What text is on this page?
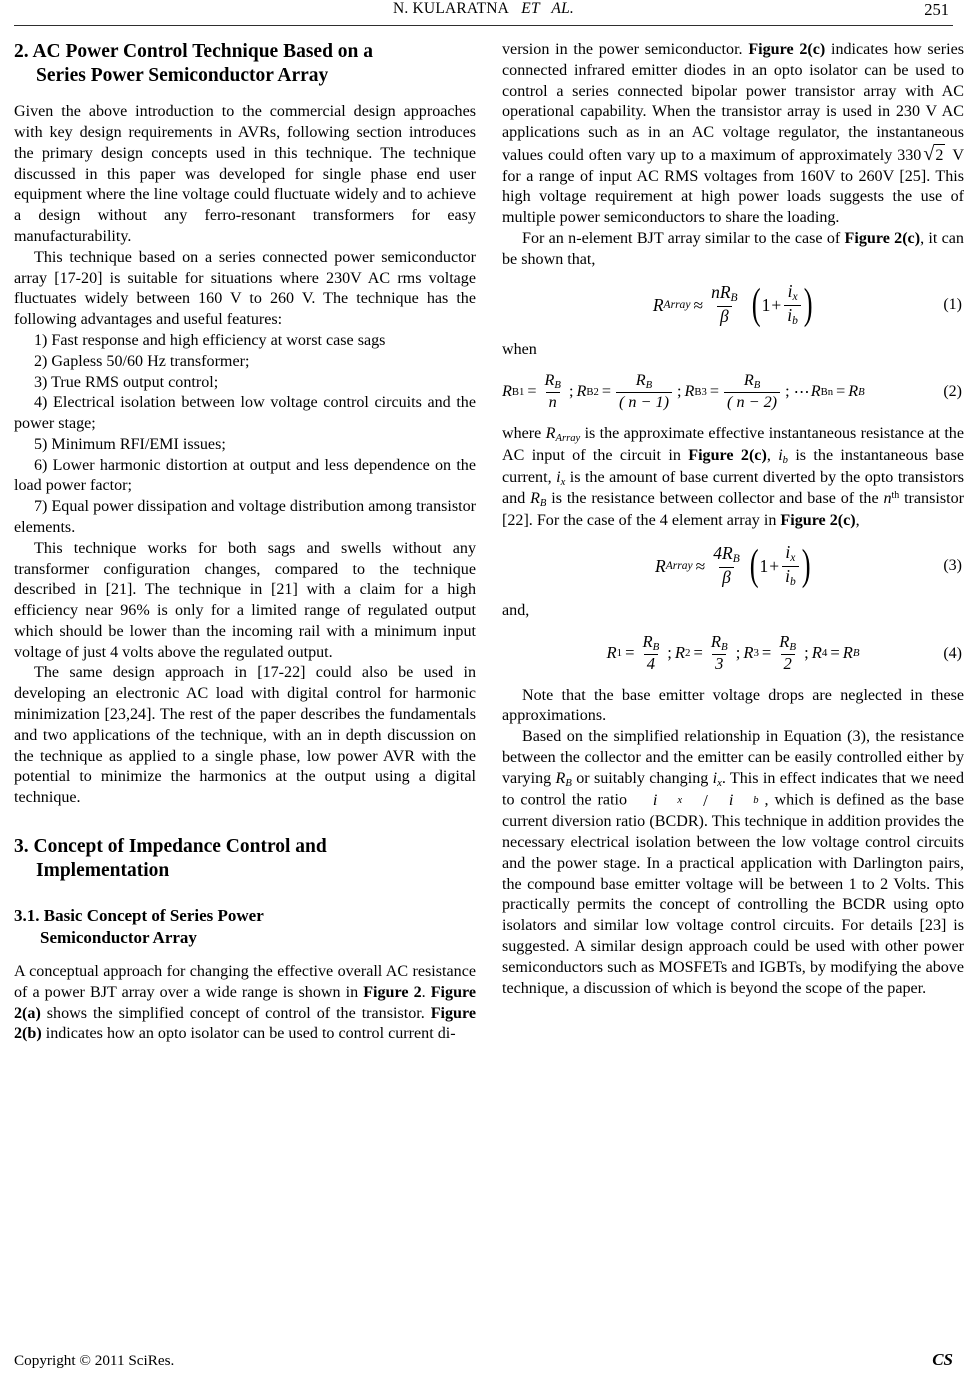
N. KULARATNA ET   AL.	251
2. AC Power Control Technique Based on a
Series Power Semiconductor Array

Given the above introduction to the commercial design approaches with key design requirements in AVRs, following section introduces the primary design concepts used in this technique. The technique discussed in this paper was developed for single phase end user equipment where the line voltage could fluctuate widely and to achieve a design without any ferro-resonant transformers for easy manufacturability.

This technique based on a series connected power semiconductor array [17-20] is suitable for situations where 230V AC rms voltage fluctuates widely between 160 V to 260 V. The technique has the following advantages and useful features:

1) Fast response and high efficiency at worst case sags

2) Gapless 50/60 Hz transformer;

3) True RMS output control;

4) Electrical isolation between low voltage control circuits and the power stage;

5) Minimum RFI/EMI issues;

6) Lower harmonic distortion at output and less dependence on the load power factor;

7) Equal power dissipation and voltage distribution among transistor elements.

This technique works for both sags and swells without any transformer configuration changes, compared to the technique described in [21]. The technique in [21] with a claim for a high efficiency near 96% is only for a limited range of regulated output which should be lower than the incoming rail with a minimum input voltage of just 4 volts above the regulated output.

The same design approach in [17-22] could also be used in developing an electronic AC load with digital control for harmonic minimization [23,24]. The rest of the paper describes the fundamentals and two applications of the technique, with an in depth discussion on the technique as applied to a single phase, low power AVR with the potential to minimize the harmonics at the output using a digital technique.

3. Concept of Impedance Control and
Implementation
3.1. Basic Concept of Series Power
Semiconductor Array

A conceptual approach for changing the effective overall AC resistance of a power BJT array over a wide range is shown in Figure 2. Figure 2(a) shows the simplified concept of control of the transistor. Figure 2(b) indicates how an opto isolator can be used to control current di-

version in the power semiconductor. Figure 2(c) indicates how series connected infrared emitter diodes in an opto isolator can be used to control a series connected bipolar power transistor array with AC operational capability. When the transistor array is used in 230 V AC applications such as in an AC voltage regulator, the instantaneous values could often vary up to a maximum of approximately 330 √ 2 V for a range of input AC RMS voltages from 160V to 260V [25]. This high voltage requirement at high power loads suggests the use of multiple power semiconductors to share the loading.

For an n-element BJT array similar to the case of Figure 2(c), it can be shown that,

R Array ≈ $\frac{nR_B}{\beta}$
( $1 + \frac{i_x}{i_b}$ )	(1)

when

R $B1 = \frac{R_B}{n}$ ; R $B2 = \frac{R_B}{( n - 1)}$ ; R $B3 = \frac{R_B}{( n - 2)}$ ; ⋯ R Bn = R B	(2)

where $R_{Array}$ is the approximate effective instantaneous resistance at the AC input of the circuit in Figure 2(c), $i_b$ is the instantaneous base current, $i_x$ is the amount of base current diverted by the opto transistors and $R_B$ is the resistance between collector and base of the $n^{th}$ transistor [22]. For the case of the 4 element array in Figure 2(c),

R Array ≈ $\frac{4R_B}{\beta}$
( $1 + \frac{i_x}{i_b}$ )	(3)

and,

R $1 = \frac{R_B}{4}$ ; R $2 = \frac{R_B}{3}$ ; R $3 = \frac{R_B}{2}$ ; R 4 = R B	(4)

Note that the base emitter voltage drops are neglected in these approximations.

Based on the simplified relationship in Equation (3), the resistance between the collector and the emitter can be easily controlled either by varying $R_B$ or suitably changing $i_x$. This in effect indicates that we need to control the ratio	i	x	/	i	b , which is defined as the base current diversion ratio (BCDR). This technique in addition provides the necessary electrical isolation between the low voltage control circuits and the power stage. In a practical application with Darlington pairs, the compound base emitter voltage will be between 1 to 2 Volts. This practically permits the concept of controlling the BCDR using opto isolators and similar low voltage control circuits. For details [23] is suggested. A similar design approach could be used with other power semiconductors such as MOSFETs and IGBTs, by modifying the above technique, a discussion of which is beyond the scope of the paper.

Copyright © 2011 SciRes.	CS
